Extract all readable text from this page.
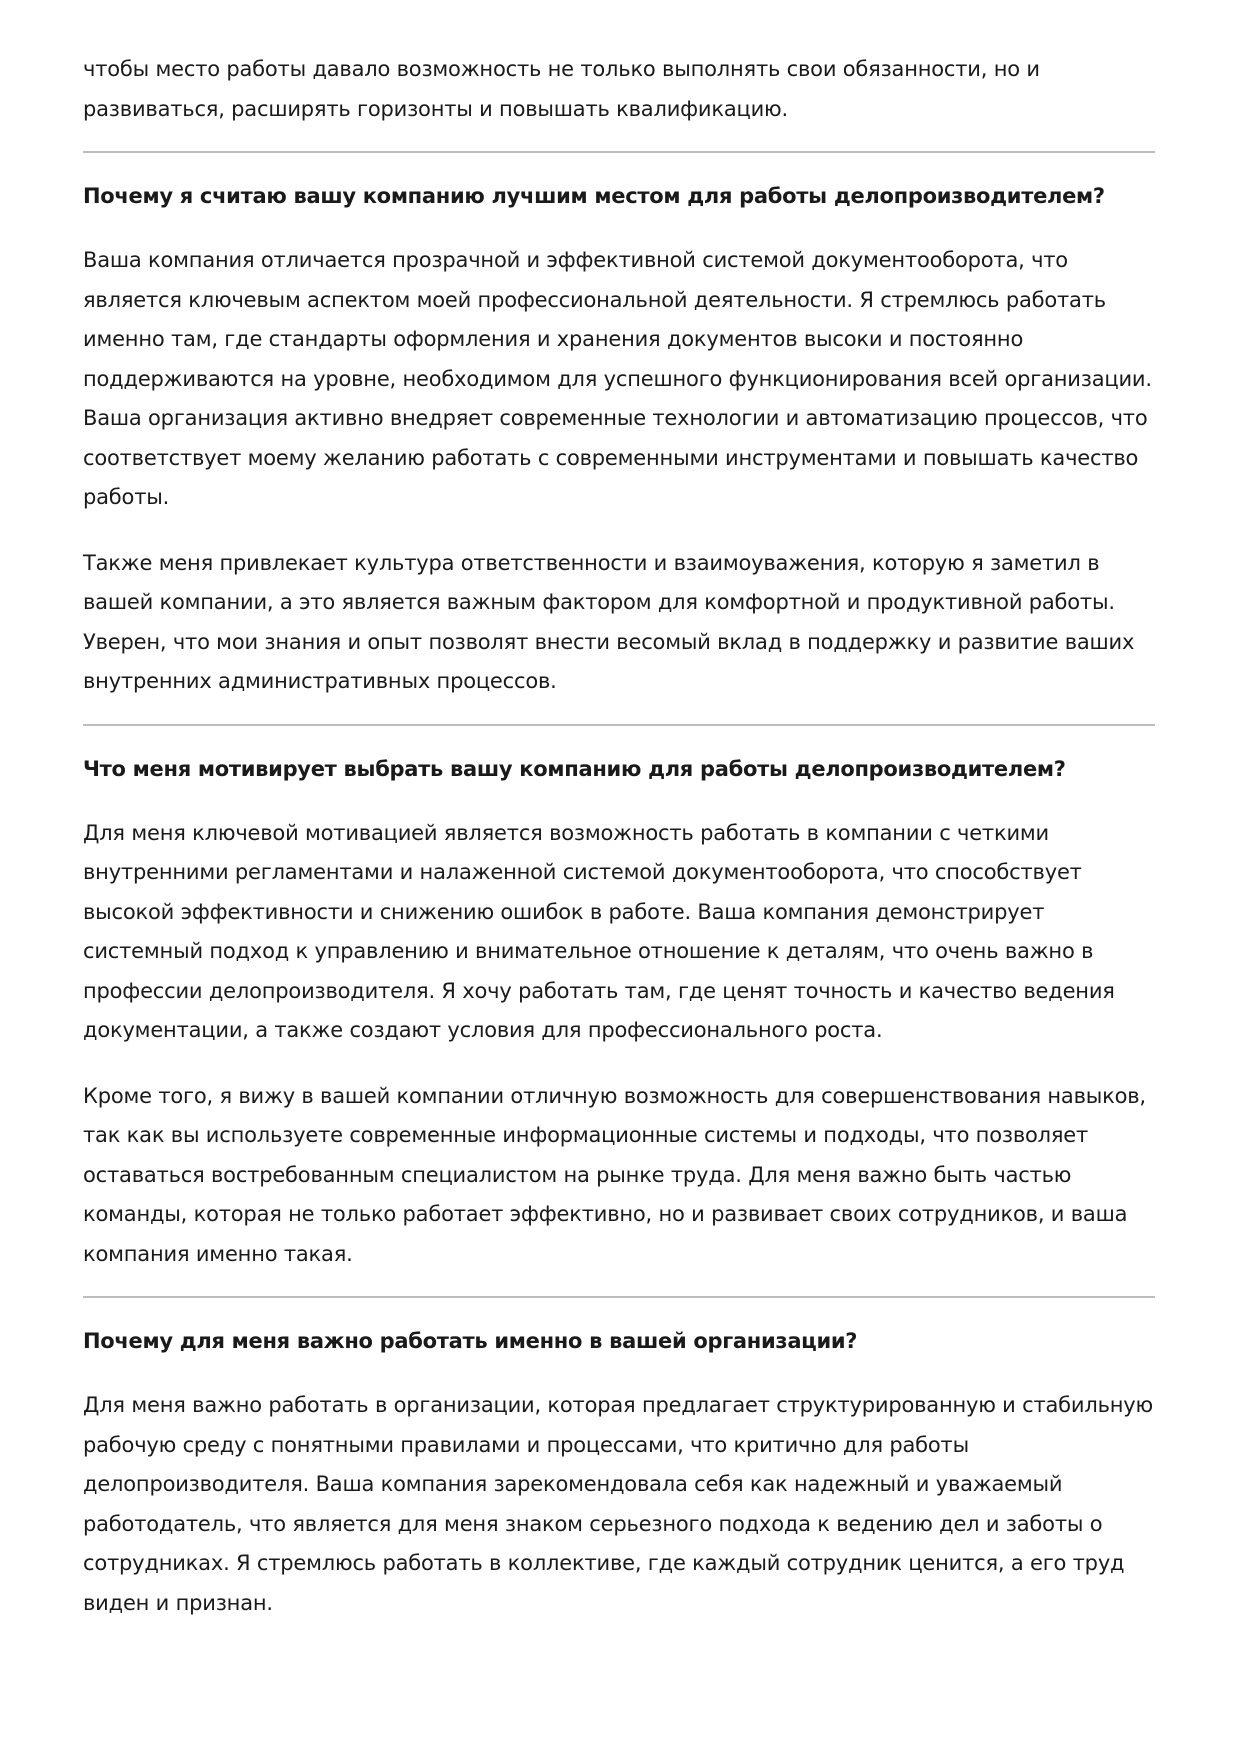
чтобы место работы давало возможность не только выполнять свои обязанности, но и развиваться, расширять горизонты и повышать квалификацию.

Почему я считаю вашу компанию лучшим местом для работы делопроизводителем?

Ваша компания отличается прозрачной и эффективной системой документооборота, что является ключевым аспектом моей профессиональной деятельности. Я стремлюсь работать именно там, где стандарты оформления и хранения документов высоки и постоянно поддерживаются на уровне, необходимом для успешного функционирования всей организации. Ваша организация активно внедряет современные технологии и автоматизацию процессов, что соответствует моему желанию работать с современными инструментами и повышать качество работы.

Также меня привлекает культура ответственности и взаимоуважения, которую я заметил в вашей компании, а это является важным фактором для комфортной и продуктивной работы. Уверен, что мои знания и опыт позволят внести весомый вклад в поддержку и развитие ваших внутренних административных процессов.

Что меня мотивирует выбрать вашу компанию для работы делопроизводителем?

Для меня ключевой мотивацией является возможность работать в компании с четкими внутренними регламентами и налаженной системой документооборота, что способствует высокой эффективности и снижению ошибок в работе. Ваша компания демонстрирует системный подход к управлению и внимательное отношение к деталям, что очень важно в профессии делопроизводителя. Я хочу работать там, где ценят точность и качество ведения документации, а также создают условия для профессионального роста.

Кроме того, я вижу в вашей компании отличную возможность для совершенствования навыков, так как вы используете современные информационные системы и подходы, что позволяет оставаться востребованным специалистом на рынке труда. Для меня важно быть частью команды, которая не только работает эффективно, но и развивает своих сотрудников, и ваша компания именно такая.

Почему для меня важно работать именно в вашей организации?

Для меня важно работать в организации, которая предлагает структурированную и стабильную рабочую среду с понятными правилами и процессами, что критично для работы делопроизводителя. Ваша компания зарекомендовала себя как надежный и уважаемый работодатель, что является для меня знаком серьезного подхода к ведению дел и заботы о сотрудниках. Я стремлюсь работать в коллективе, где каждый сотрудник ценится, а его труд виден и признан.
